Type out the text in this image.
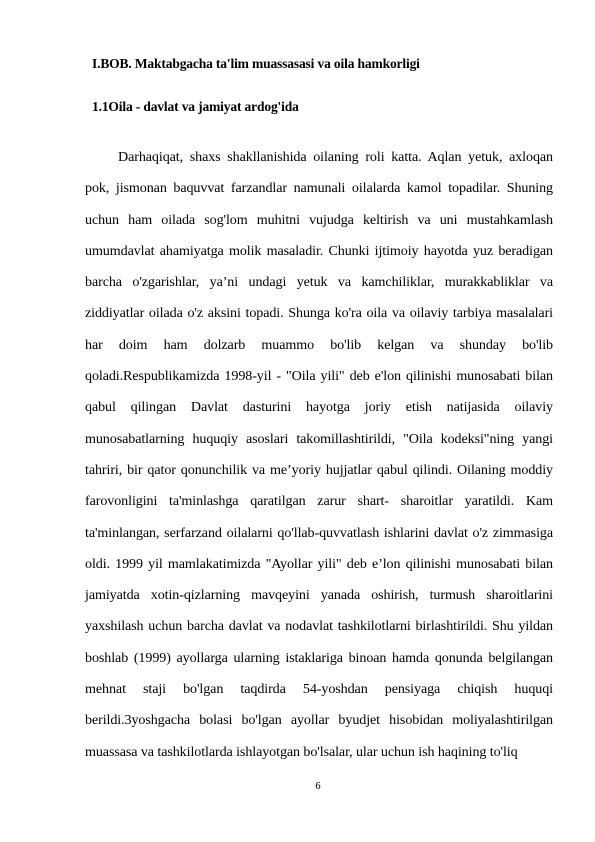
I.BOB. Maktabgacha ta'lim muassasasi va oila hamkorligi
1.1Oila - davlat va jamiyat ardog'ida

Darhaqiqat, shaxs shakllanishida oilaning roli katta. Aqlan yetuk, axloqan pok, jismonan baquvvat farzandlar namunali oilalarda kamol topadilar. Shuning uchun ham oilada sog'lom muhitni vujudga keltirish va uni mustahkamlash umumdavlat ahamiyatga molik masaladir. Chunki ijtimoiy hayotda yuz beradigan barcha o'zgarishlar, ya’ni undagi yetuk va kamchiliklar, murakkabliklar va ziddiyatlar oilada o'z aksini topadi. Shunga ko'ra oila va oilaviy tarbiya masalalari har doim ham dolzarb muammo bo'lib kelgan va shunday bo'lib qoladi.Respublikamizda 1998-yil - "Oila yili" deb e'lon qilinishi munosabati bilan qabul qilingan Davlat dasturini hayotga joriy etish natijasida oilaviy munosabatlarning huquqiy asoslari takomillashtirildi, "Oila kodeksi"ning yangi tahriri, bir qator qonunchilik va me’yoriy hujjatlar qabul qilindi. Oilaning moddiy farovonligini ta'minlashga qaratilgan zarur shart- sharoitlar yaratildi. Kam ta'minlangan, serfarzand oilalarni qo'llab-quvvatlash ishlarini davlat o'z zimmasiga oldi. 1999 yil mamlakatimizda "Ayollar yili" deb e’lon qilinishi munosabati bilan jamiyatda xotin-qizlarning mavqeyini yanada oshirish, turmush sharoitlarini yaxshilash uchun barcha davlat va nodavlat tashkilotlarni birlashtirildi. Shu yildan boshlab (1999) ayollarga ularning istaklariga binoan hamda qonunda belgilangan mehnat staji bo'lgan taqdirda 54-yoshdan pensiyaga chiqish huquqi berildi.3yoshgacha bolasi bo'lgan ayollar byudjet hisobidan moliyalashtirilgan muassasa va tashkilotlarda ishlayotgan bo'lsalar, ular uchun ish haqining to'liq

6
